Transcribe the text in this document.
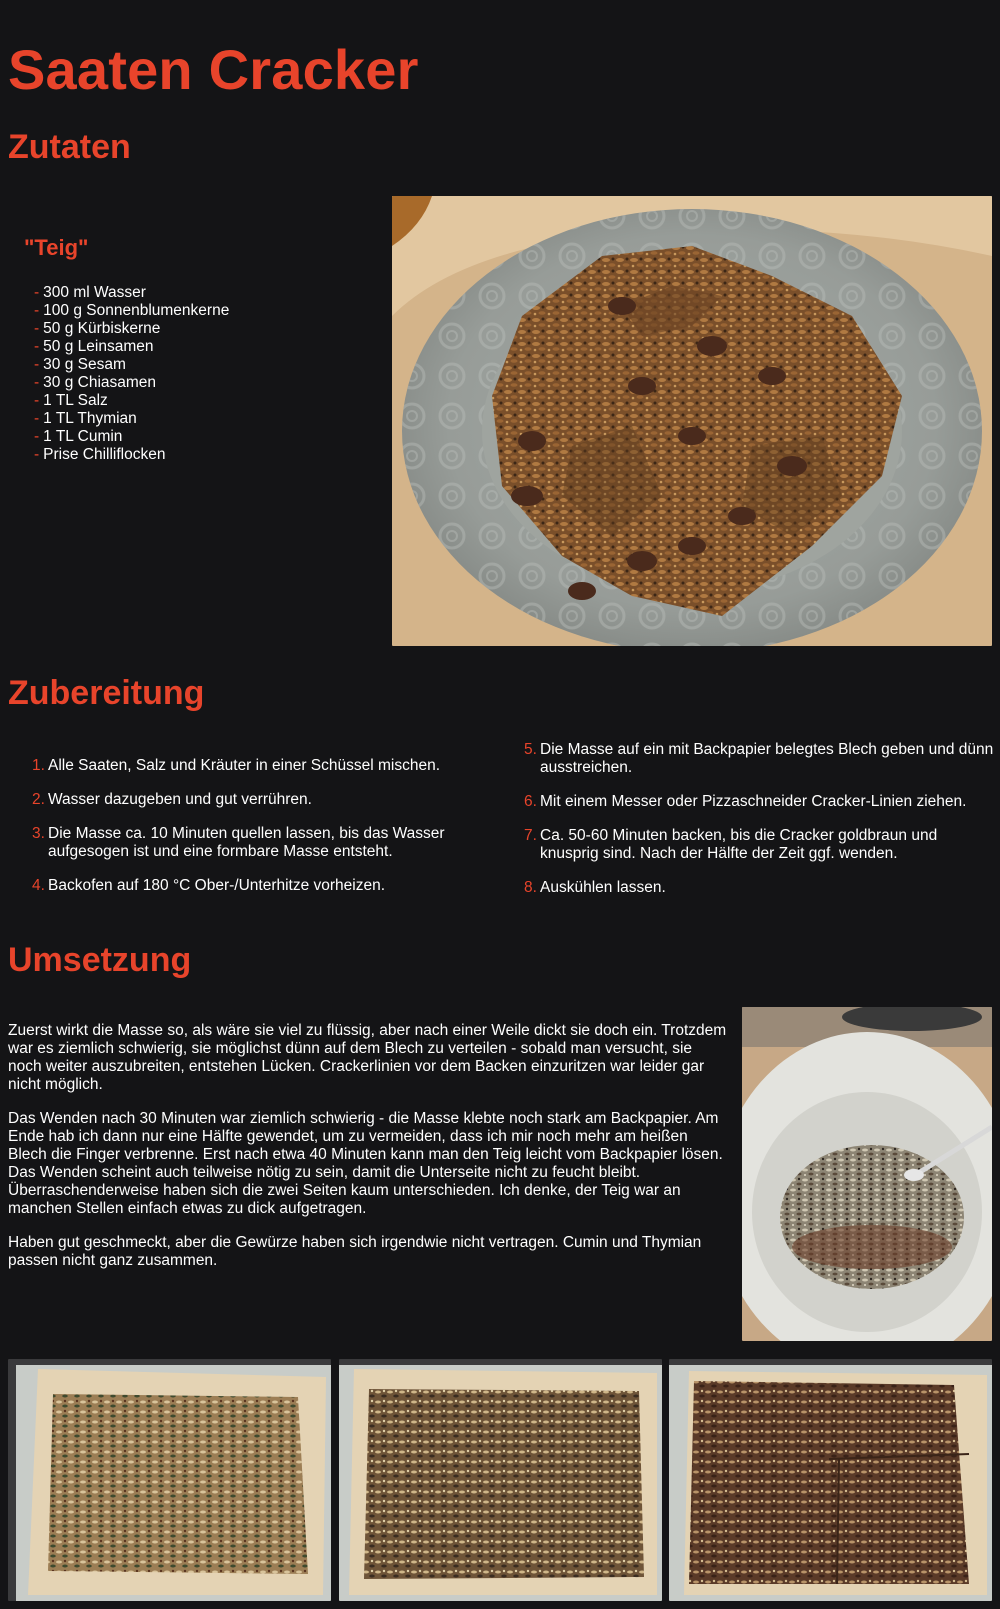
Saaten Cracker
Zutaten
"Teig"
- 300 ml Wasser
- 100 g Sonnenblumenkerne
- 50 g Kürbiskerne
- 50 g Leinsamen
- 30 g Sesam
- 30 g Chiasamen
- 1 TL Salz
- 1 TL Thymian
- 1 TL Cumin
- Prise Chilliflocken
Zubereitung
1. Alle Saaten, Salz und Kräuter in einer Schüssel mischen.
2. Wasser dazugeben und gut verrühren.
3. Die Masse ca. 10 Minuten quellen lassen, bis das Wasser aufgesogen ist und eine formbare Masse entsteht.
4. Backofen auf 180 °C Ober-/Unterhitze vorheizen.
5. Die Masse auf ein mit Backpapier belegtes Blech geben und dünn ausstreichen.
6. Mit einem Messer oder Pizzaschneider Cracker-Linien ziehen.
7. Ca. 50-60 Minuten backen, bis die Cracker goldbraun und knusprig sind. Nach der Hälfte der Zeit ggf. wenden.
8. Auskühlen lassen.
Umsetzung

Zuerst wirkt die Masse so, als wäre sie viel zu flüssig, aber nach einer Weile dickt sie doch ein. Trotzdem war es ziemlich schwierig, sie möglichst dünn auf dem Blech zu verteilen - sobald man versucht, sie noch weiter auszubreiten, entstehen Lücken. Crackerlinien vor dem Backen einzuritzen war leider gar nicht möglich.

Das Wenden nach 30 Minuten war ziemlich schwierig - die Masse klebte noch stark am Backpapier. Am Ende hab ich dann nur eine Hälfte gewendet, um zu vermeiden, dass ich mir noch mehr am heißen Blech die Finger verbrenne. Erst nach etwa 40 Minuten kann man den Teig leicht vom Backpapier lösen. Das Wenden scheint auch teilweise nötig zu sein, damit die Unterseite nicht zu feucht bleibt. Überraschenderweise haben sich die zwei Seiten kaum unterschieden. Ich denke, der Teig war an manchen Stellen einfach etwas zu dick aufgetragen.

Haben gut geschmeckt, aber die Gewürze haben sich irgendwie nicht vertragen. Cumin und Thymian passen nicht ganz zusammen.
